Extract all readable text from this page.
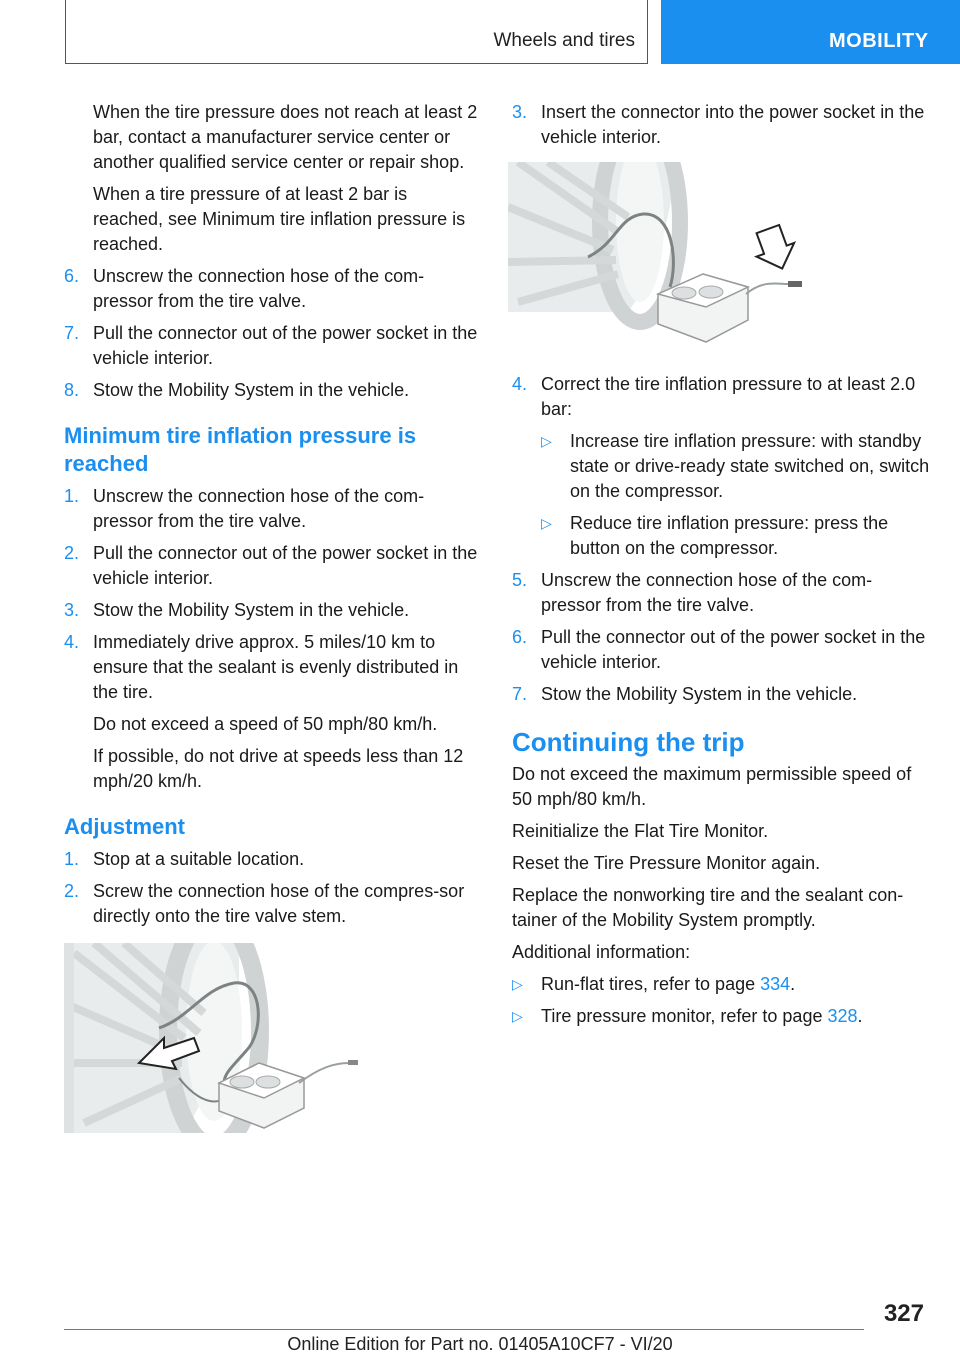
Wheels and tires	MOBILITY

When the tire pressure does not reach at least 2 bar, contact a manufacturer service center or another qualified service center or repair shop.

When a tire pressure of at least 2 bar is reached, see Minimum tire inflation pressure is reached.

6. Unscrew the connection hose of the com-pressor from the tire valve.
7. Pull the connector out of the power socket in the vehicle interior.
8. Stow the Mobility System in the vehicle.
Minimum tire inflation pressure is reached
1. Unscrew the connection hose of the com-pressor from the tire valve.
2. Pull the connector out of the power socket in the vehicle interior.
3. Stow the Mobility System in the vehicle.
4. Immediately drive approx. 5 miles/10 km to ensure that the sealant is evenly distributed in the tire.

Do not exceed a speed of 50 mph/80 km/h.

If possible, do not drive at speeds less than 12 mph/20 km/h.

Adjustment
1. Stop at a suitable location.
2. Screw the connection hose of the compres-sor directly onto the tire valve stem.
3. Insert the connector into the power socket in the vehicle interior.
4. Correct the tire inflation pressure to at least 2.0 bar:
▷ Increase tire inflation pressure: with standby state or drive-ready state switched on, switch on the compressor.
▷ Reduce tire inflation pressure: press the button on the compressor.
5. Unscrew the connection hose of the com-pressor from the tire valve.
6. Pull the connector out of the power socket in the vehicle interior.
7. Stow the Mobility System in the vehicle.
Continuing the trip

Do not exceed the maximum permissible speed of 50 mph/80 km/h.

Reinitialize the Flat Tire Monitor.

Reset the Tire Pressure Monitor again.

Replace the nonworking tire and the sealant con-tainer of the Mobility System promptly.

Additional information:

▷ Run-flat tires, refer to page 334.
▷ Tire pressure monitor, refer to page 328.
327
Online Edition for Part no. 01405A10CF7 - VI/20
